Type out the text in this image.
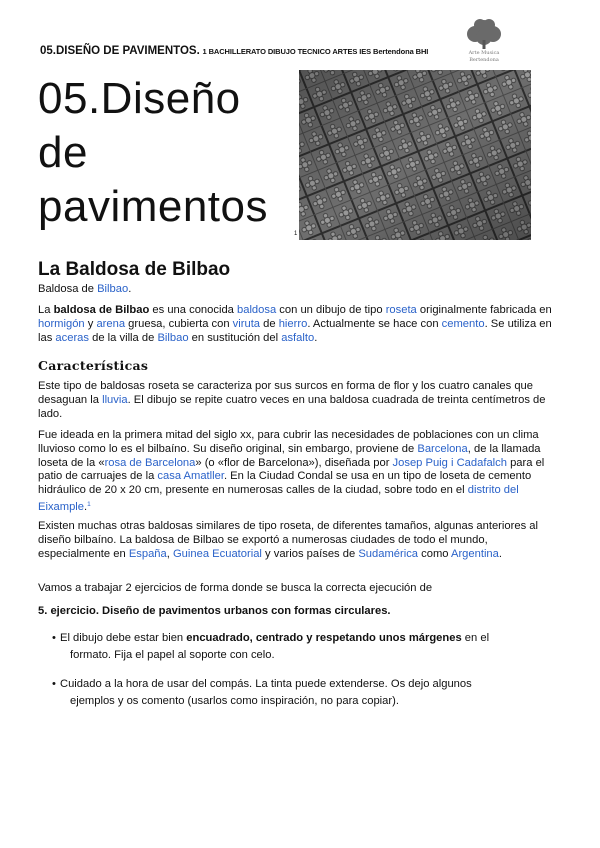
05.DISEÑO DE PAVIMENTOS. 1 BACHILLERATO DIBUJO TECNICO ARTES IES Bertendona BHI	Arte Musica
Bertendona
05.Diseño
de
pavimentos
1
La Baldosa de Bilbao
Baldosa de Bilbao.
La baldosa de Bilbao es una conocida baldosa con un dibujo de tipo roseta originalmente fabricada en hormigón y arena gruesa, cubierta con viruta de hierro. Actualmente se hace con cemento. Se utiliza en las aceras de la villa de Bilbao en sustitución del asfalto.
Características
Este tipo de baldosas roseta se caracteriza por sus surcos en forma de flor y los cuatro canales que desaguan la lluvia. El dibujo se repite cuatro veces en una baldosa cuadrada de treinta centímetros de lado.
Fue ideada en la primera mitad del siglo xx, para cubrir las necesidades de poblaciones con un clima lluvioso como lo es el bilbaíno. Su diseño original, sin embargo, proviene de Barcelona, de la llamada loseta de la «rosa de Barcelona» (o «flor de Barcelona»), diseñada por Josep Puig i Cadafalch para el patio de carruajes de la casa Amatller. En la Ciudad Condal se usa en un tipo de loseta de cemento hidráulico de 20 x 20 cm, presente en numerosas calles de la ciudad, sobre todo en el distrito del Eixample.$^1$
Existen muchas otras baldosas similares de tipo roseta, de diferentes tamaños, algunas anteriores al diseño bilbaíno. La baldosa de Bilbao se exportó a numerosas ciudades de todo el mundo, especialmente en España, Guinea Ecuatorial y varios países de Sudamérica como Argentina.
Vamos a trabajar 2 ejercicios de forma donde se busca la correcta ejecución de
5. ejercicio. Diseño de pavimentos urbanos con formas circulares.
• El dibujo debe estar bien encuadrado, centrado y respetando unos márgenes en el
formato. Fija el papel al soporte con celo.
• Cuidado a la hora de usar del compás. La tinta puede extenderse. Os dejo algunos
ejemplos y os comento (usarlos como inspiración, no para copiar).
